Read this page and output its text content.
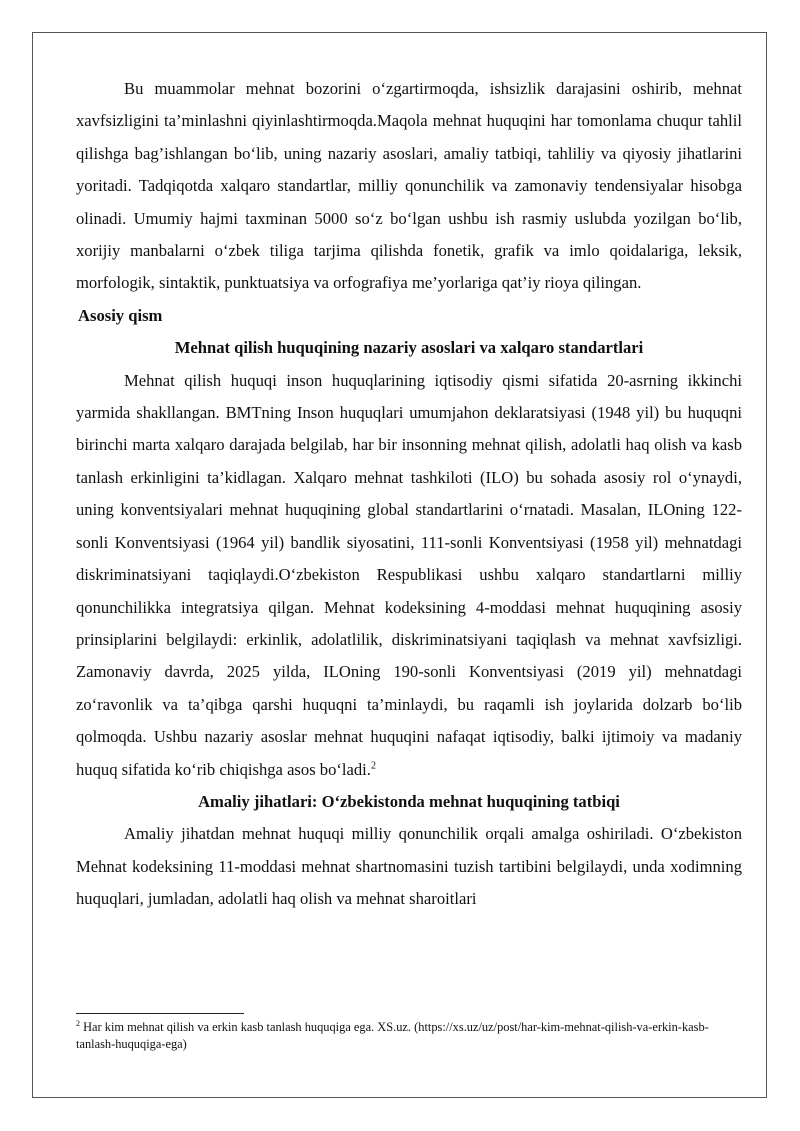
Bu muammolar mehnat bozorini o‘zgartirmoqda, ishsizlik darajasini oshirib, mehnat xavfsizligini ta’minlashni qiyinlashtirmoqda.Maqola mehnat huquqini har tomonlama chuqur tahlil qilishga bag’ishlangan bo‘lib, uning nazariy asoslari, amaliy tatbiqi, tahliliy va qiyosiy jihatlarini yoritadi. Tadqiqotda xalqaro standartlar, milliy qonunchilik va zamonaviy tendensiyalar hisobga olinadi. Umumiy hajmi taxminan 5000 so‘z bo‘lgan ushbu ish rasmiy uslubda yozilgan bo‘lib, xorijiy manbalarni o‘zbek tiliga tarjima qilishda fonetik, grafik va imlo qoidalariga, leksik, morfologik, sintaktik, punktuatsiya va orfografiya me’yorlariga qat’iy rioya qilingan.

Asosiy qism
Mehnat qilish huquqining nazariy asoslari va xalqaro standartlari

Mehnat qilish huquqi inson huquqlarining iqtisodiy qismi sifatida 20-asrning ikkinchi yarmida shakllangan. BMTning Inson huquqlari umumjahon deklaratsiyasi (1948 yil) bu huquqni birinchi marta xalqaro darajada belgilab, har bir insonning mehnat qilish, adolatli haq olish va kasb tanlash erkinligini ta’kidlagan. Xalqaro mehnat tashkiloti (ILO) bu sohada asosiy rol o‘ynaydi, uning konventsiyalari mehnat huquqining global standartlarini o‘rnatadi. Masalan, ILOning 122-sonli Konventsiyasi (1964 yil) bandlik siyosatini, 111-sonli Konventsiyasi (1958 yil) mehnatdagi diskriminatsiyani taqiqlaydi.O‘zbekiston Respublikasi ushbu xalqaro standartlarni milliy qonunchilikka integratsiya qilgan. Mehnat kodeksining 4-moddasi mehnat huquqining asosiy prinsiplarini belgilaydi: erkinlik, adolatlilik, diskriminatsiyani taqiqlash va mehnat xavfsizligi. Zamonaviy davrda, 2025 yilda, ILOning 190-sonli Konventsiyasi (2019 yil) mehnatdagi zo‘ravonlik va ta’qibga qarshi huquqni ta’minlaydi, bu raqamli ish joylarida dolzarb bo‘lib qolmoqda. Ushbu nazariy asoslar mehnat huquqini nafaqat iqtisodiy, balki ijtimoiy va madaniy huquq sifatida ko‘rib chiqishga asos bo‘ladi.$^2$

Amaliy jihatlari: O‘zbekistonda mehnat huquqining tatbiqi

Amaliy jihatdan mehnat huquqi milliy qonunchilik orqali amalga oshiriladi. O‘zbekiston Mehnat kodeksining 11-moddasi mehnat shartnomasini tuzish tartibini belgilaydi, unda xodimning huquqlari, jumladan, adolatli haq olish va mehnat sharoitlari

$^2$ Har kim mehnat qilish va erkin kasb tanlash huquqiga ega. XS.uz. (https://xs.uz/uz/post/har-kim-mehnat-qilish-va-erkin-kasb-tanlash-huquqiga-ega)
